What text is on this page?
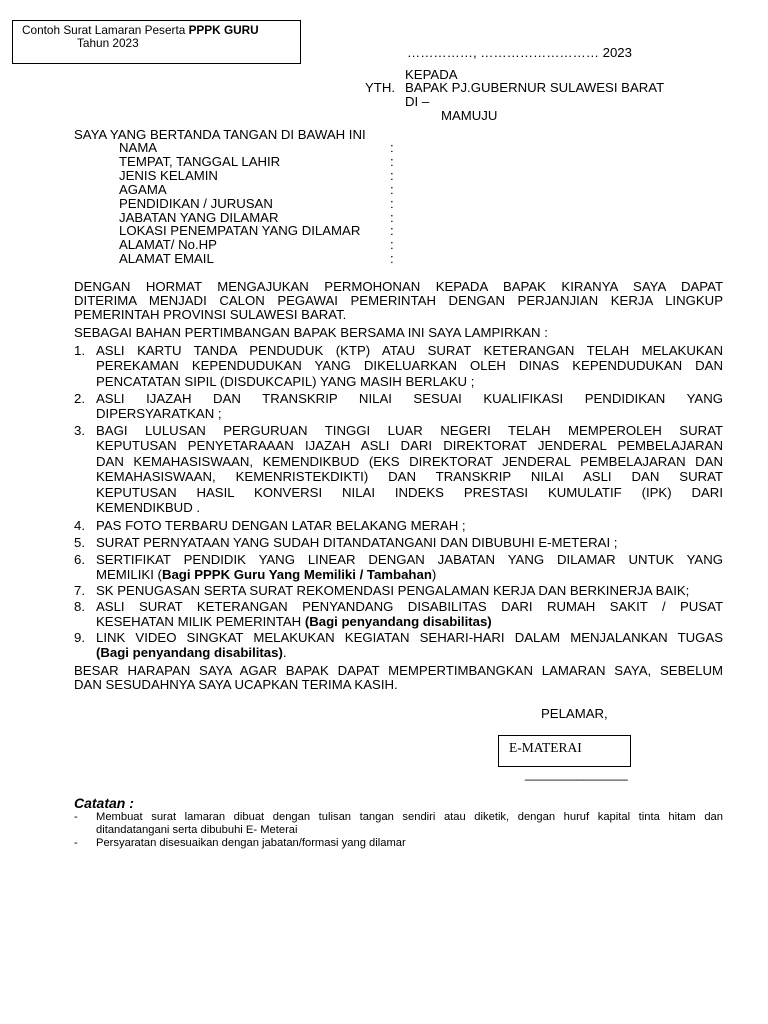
Contoh Surat Lamaran Peserta PPPK GURU
Tahun 2023
……………, ……………………… 2023
KEPADA
YTH. BAPAK PJ.GUBERNUR SULAWESI BARAT
DI –
MAMUJU
SAYA YANG BERTANDA TANGAN DI BAWAH INI
NAMA	:
TEMPAT, TANGGAL LAHIR	:
JENIS KELAMIN	:
AGAMA	:
PENDIDIKAN / JURUSAN	:
JABATAN YANG DILAMAR	:
LOKASI PENEMPATAN YANG DILAMAR :
ALAMAT/ No.HP	:
ALAMAT EMAIL	:
DENGAN HORMAT MENGAJUKAN PERMOHONAN KEPADA BAPAK KIRANYA SAYA DAPAT
DITERIMA MENJADI CALON PEGAWAI PEMERINTAH DENGAN PERJANJIAN KERJA LINGKUP
PEMERINTAH PROVINSI SULAWESI BARAT.
SEBAGAI BAHAN PERTIMBANGAN BAPAK BERSAMA INI SAYA LAMPIRKAN :
1. ASLI KARTU TANDA PENDUDUK (KTP) ATAU SURAT KETERANGAN TELAH MELAKUKAN
PEREKAMAN KEPENDUDUKAN YANG DIKELUARKAN OLEH DINAS KEPENDUDUKAN DAN
PENCATATAN SIPIL (DISDUKCAPIL) YANG MASIH BERLAKU ;
2. ASLI IJAZAH DAN TRANSKRIP NILAI SESUAI KUALIFIKASI PENDIDIKAN YANG
DIPERSYARATKAN ;
3. BAGI LULUSAN PERGURUAN TINGGI LUAR NEGERI TELAH MEMPEROLEH SURAT
KEPUTUSAN PENYETARAAAN IJAZAH ASLI DARI DIREKTORAT JENDERAL PEMBELAJARAN
DAN KEMAHASISWAAN, KEMENDIKBUD (EKS DIREKTORAT JENDERAL PEMBELAJARAN DAN
KEMAHASISWAAN, KEMENRISTEKDIKTI) DAN TRANSKRIP NILAI ASLI DAN SURAT
KEPUTUSAN HASIL KONVERSI NILAI INDEKS PRESTASI KUMULATIF (IPK) DARI
KEMENDIKBUD .
4. PAS FOTO TERBARU DENGAN LATAR BELAKANG MERAH ;
5. SURAT PERNYATAAN YANG SUDAH DITANDATANGANI DAN DIBUBUHI E-METERAI ;
6. SERTIFIKAT PENDIDIK YANG LINEAR DENGAN JABATAN YANG DILAMAR UNTUK YANG
MEMILIKI (Bagi PPPK Guru Yang Memiliki / Tambahan)
7. SK PENUGASAN SERTA SURAT REKOMENDASI PENGALAMAN KERJA DAN BERKINERJA BAIK;
8. ASLI SURAT KETERANGAN PENYANDANG DISABILITAS DARI RUMAH SAKIT / PUSAT
KESEHATAN MILIK PEMERINTAH (Bagi penyandang disabilitas)
9. LINK VIDEO SINGKAT MELAKUKAN KEGIATAN SEHARI-HARI DALAM MENJALANKAN TUGAS
(Bagi penyandang disabilitas).
BESAR HARAPAN SAYA AGAR BAPAK DAPAT MEMPERTIMBANGKAN LAMARAN SAYA, SEBELUM
DAN SESUDAHNYA SAYA UCAPKAN TERIMA KASIH.
PELAMAR,
E-MATERAI
______________
Catatan :
- Membuat surat lamaran dibuat dengan tulisan tangan sendiri atau diketik, dengan huruf kapital tinta hitam dan
ditandatangani serta dibubuhi E- Meterai
- Persyaratan disesuaikan dengan jabatan/formasi yang dilamar
